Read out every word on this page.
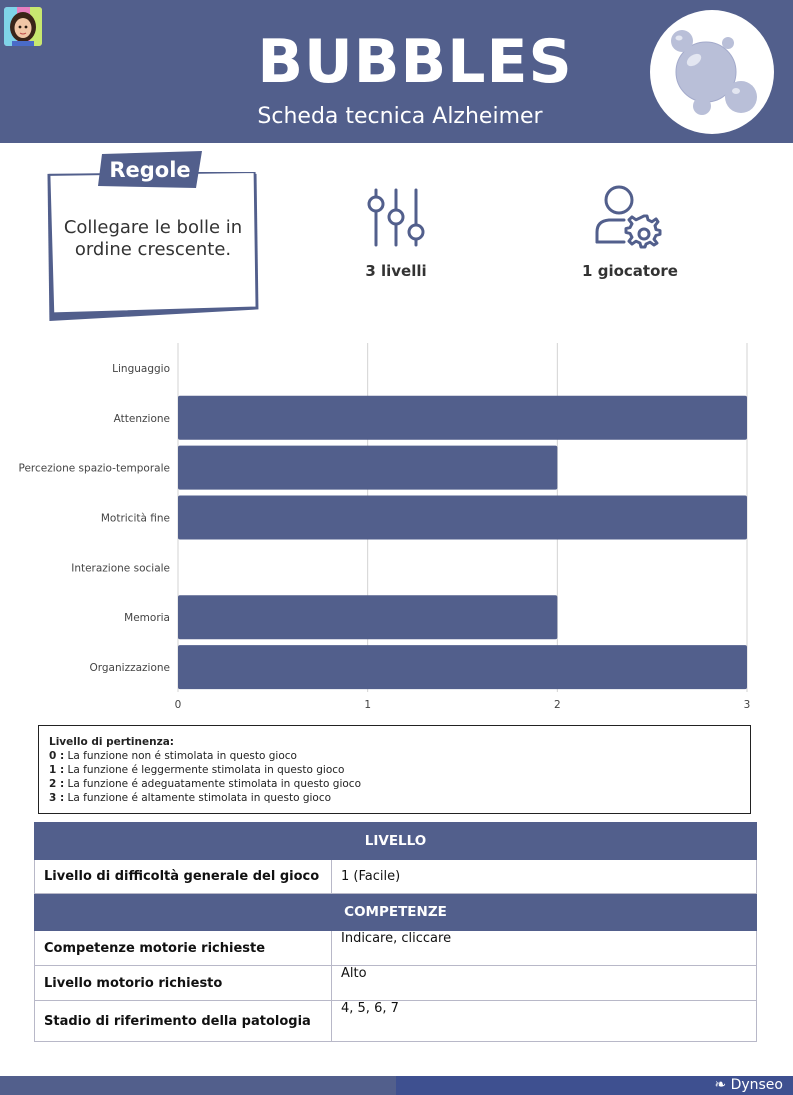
BUBBLES
Scheda tecnica Alzheimer
Regole
Collegare le bolle in ordine crescente.
3 livelli	1 giocatore
0	1	2	3
Linguaggio
Attenzione
Percezione spazio-temporale
Motricità fine
Interazione sociale
Memoria
Organizzazione
Livello di pertinenza:
0 : La funzione non é stimolata in questo gioco
1 : La funzione é leggermente stimolata in questo gioco
2 : La funzione é adeguatamente stimolata in questo gioco
3 : La funzione é altamente stimolata in questo gioco
LIVELLO	
Livello di difficoltà generale del gioco	1 (Facile)
COMPETENZE	
Competenze motorie richieste	Indicare, cliccare
Livello motorio richiesto	Alto
Stadio di riferimento della patologia	4, 5, 6, 7
❧ Dynseo
